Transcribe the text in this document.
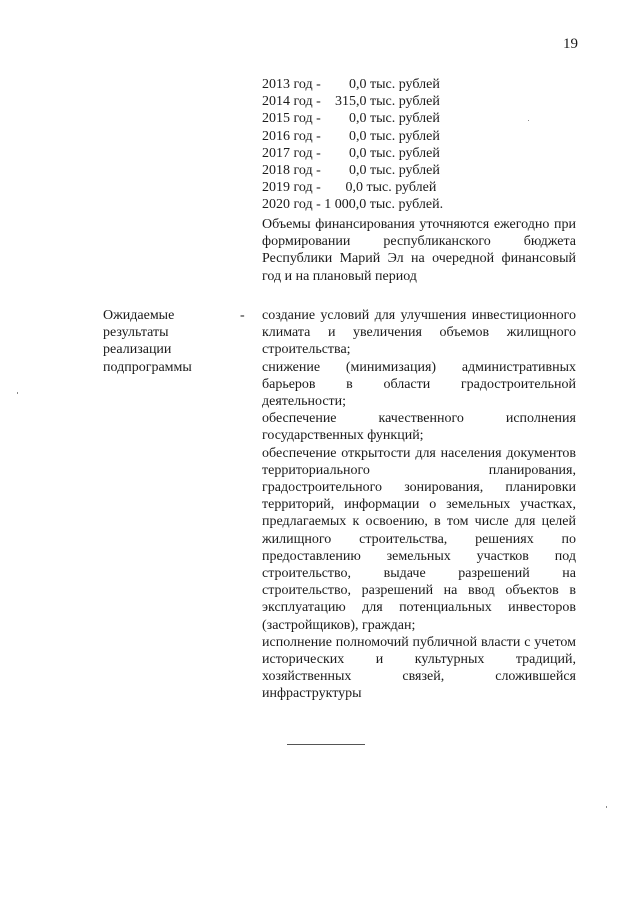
19
2013 год -      0,0 тыс. рублей
2014 год -  315,0 тыс. рублей
2015 год -      0,0 тыс. рублей
2016 год -      0,0 тыс. рублей
2017 год -      0,0 тыс. рублей
2018 год -      0,0 тыс. рублей
2019 год -     0,0 тыс. рублей
2020 год - 1 000,0 тыс. рублей.
Объемы финансирования уточняются ежегодно при формировании республиканского бюджета Республики Марий Эл на очередной финансовый год и на плановый период
Ожидаемые
результаты
реализации
подпрограммы
- создание условий для улучшения инвестиционного климата и увеличения объемов жилищного строительства;
снижение (минимизация) административных барьеров в области градостроительной деятельности;
обеспечение качественного исполнения государственных функций;
обеспечение открытости для населения документов территориального планирования, градостроительного зонирования, планировки территорий, информации о земельных участках, предлагаемых к освоению, в том числе для целей жилищного строительства, решениях по предоставлению земельных участков под строительство, выдаче разрешений на строительство, разрешений на ввод объектов в эксплуатацию для потенциальных инвесторов (застройщиков), граждан;
исполнение полномочий публичной власти с учетом исторических и культурных традиций, хозяйственных связей, сложившейся инфраструктуры
